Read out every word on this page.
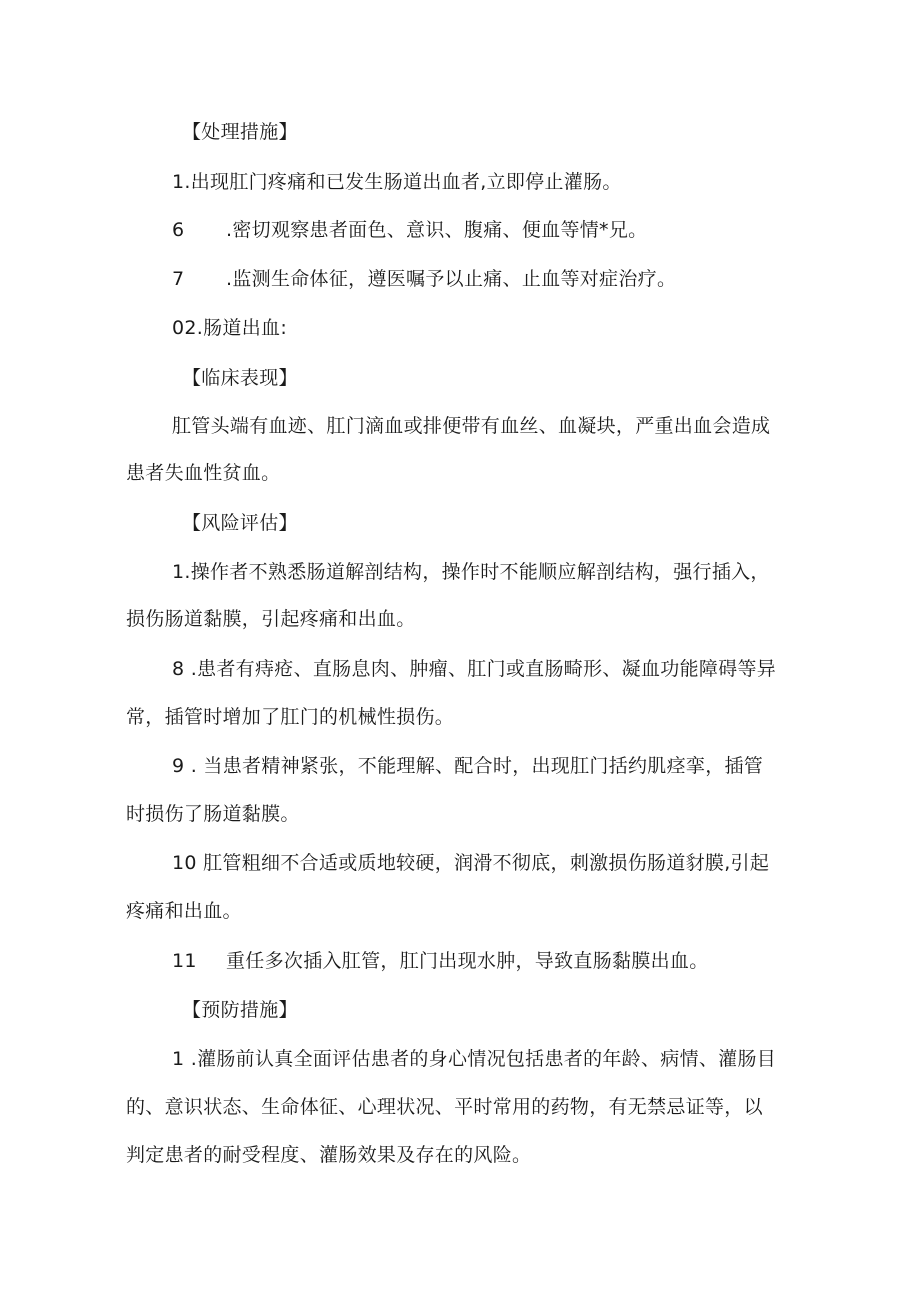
【处理措施】
1.出现肛门疼痛和已发生肠道出血者,立即停止灌肠。
6 .密切观察患者面色、意识、腹痛、便血等情*兄。
7 .监测生命体征，遵医嘱予以止痛、止血等对症治疗。
02.肠道出血:
【临床表现】
肛管头端有血迹、肛门滴血或排便带有血丝、血凝块，严重出血会造成
患者失血性贫血。
【风险评估】
1.操作者不熟悉肠道解剖结构，操作时不能顺应解剖结构，强行插入，
损伤肠道黏膜，引起疼痛和出血。
8 .患者有痔疮、直肠息肉、肿瘤、肛门或直肠畸形、凝血功能障碍等异
常，插管时增加了肛门的机械性损伤。
9 . 当患者精神紧张，不能理解、配合时，出现肛门括约肌痉挛，插管
时损伤了肠道黏膜。
10 肛管粗细不合适或质地较硬，润滑不彻底，刺激损伤肠道豺膜,引起
疼痛和出血。
11 重任多次插入肛管，肛门出现水肿，导致直肠黏膜出血。
【预防措施】
1 .灌肠前认真全面评估患者的身心情况包括患者的年龄、病情、灌肠目
的、意识状态、生命体征、心理状况、平时常用的药物，有无禁忌证等，以
判定患者的耐受程度、灌肠效果及存在的风险。
